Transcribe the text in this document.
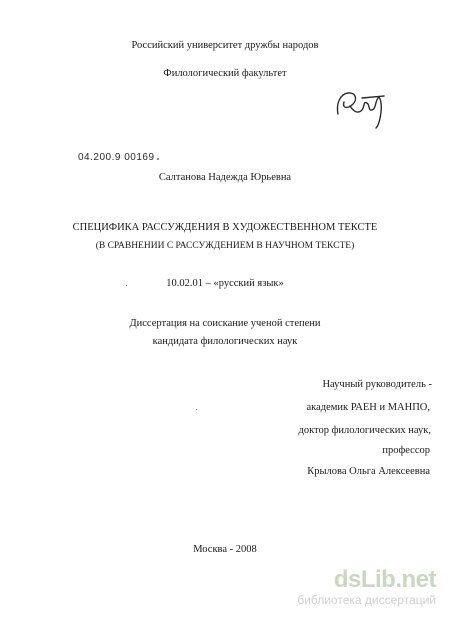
Российский университет дружбы народов
Филологический факультет
04.200.9 00169
Салтанова Надежда Юрьевна
СПЕЦИФИКА РАССУЖДЕНИЯ В ХУДОЖЕСТВЕННОМ ТЕКСТЕ
(В СРАВНЕНИИ С РАССУЖДЕНИЕМ В НАУЧНОМ ТЕКСТЕ)
10.02.01 – «русский язык»
Диссертация на соискание ученой степени
кандидата филологических наук
Научный руководитель -
академик РАЕН и МАНПО,
доктор филологических наук,
профессор
Крылова Ольга Алексеевна
Москва - 2008
dsLib.net
библиотека диссертаций
